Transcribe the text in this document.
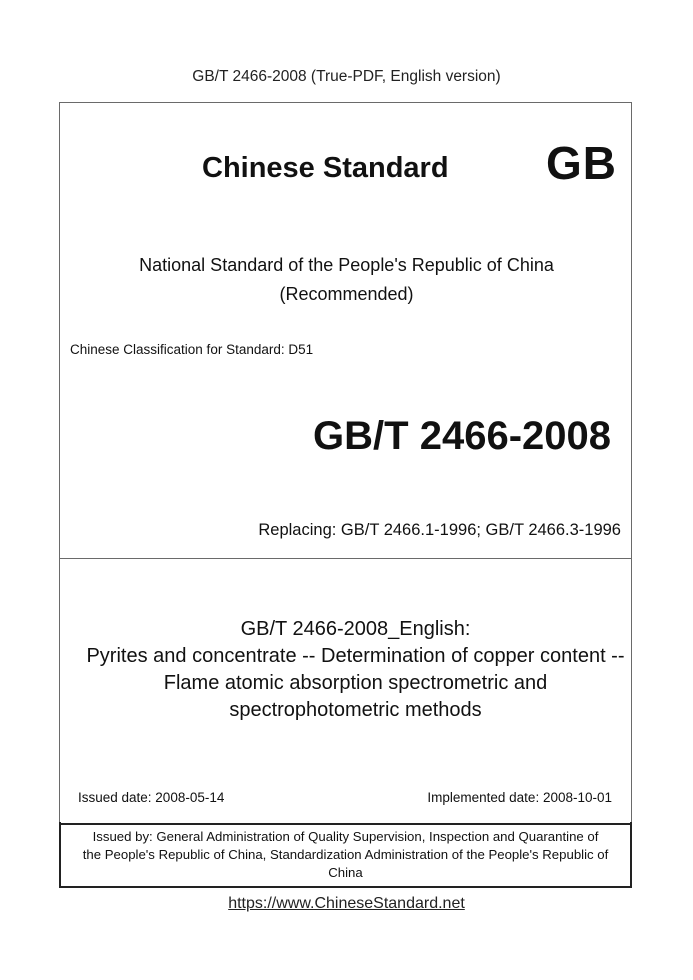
GB/T 2466-2008 (True-PDF, English version)
Chinese Standard GB
National Standard of the People's Republic of China
(Recommended)
Chinese Classification for Standard: D51
GB/T 2466-2008
Replacing: GB/T 2466.1-1996; GB/T 2466.3-1996
GB/T 2466-2008_English:
Pyrites and concentrate -- Determination of copper content --
Flame atomic absorption spectrometric and
spectrophotometric methods
Issued date: 2008-05-14	Implemented date: 2008-10-01
Issued by: General Administration of Quality Supervision, Inspection and Quarantine of
the People's Republic of China, Standardization Administration of the People's Republic of
China
https://www.ChineseStandard.net
